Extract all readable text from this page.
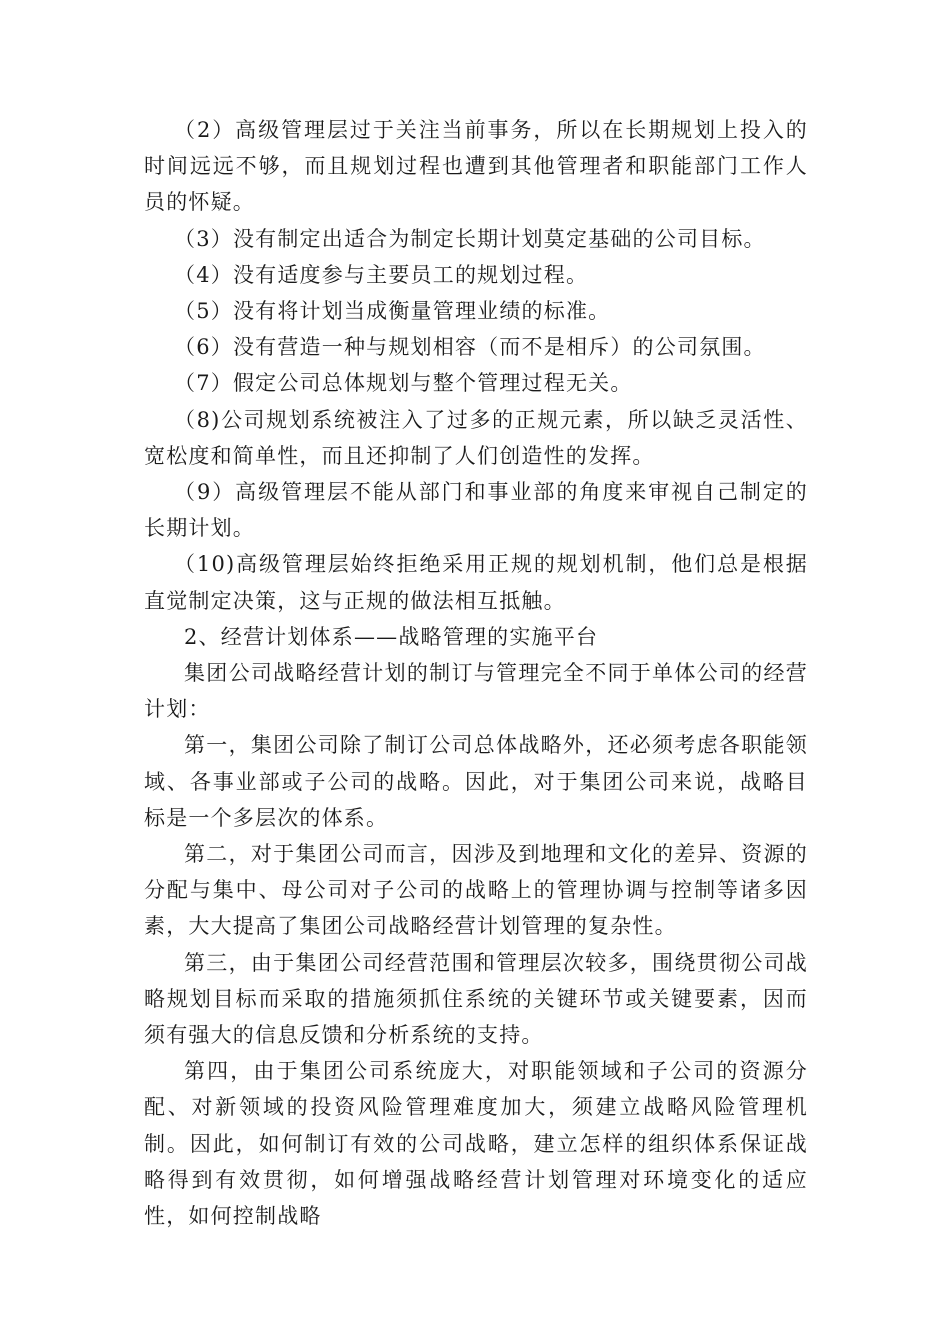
（2）高级管理层过于关注当前事务，所以在长期规划上投入的时间远远不够，而且规划过程也遭到其他管理者和职能部门工作人员的怀疑。

（3）没有制定出适合为制定长期计划莫定基础的公司目标。

（4）没有适度参与主要员工的规划过程。

（5）没有将计划当成衡量管理业绩的标准。

（6）没有营造一种与规划相容（而不是相斥）的公司氛围。

（7）假定公司总体规划与整个管理过程无关。

（8)公司规划系统被注入了过多的正规元素，所以缺乏灵活性、宽松度和简单性，而且还抑制了人们创造性的发挥。

（9）高级管理层不能从部门和事业部的角度来审视自己制定的长期计划。

（10)高级管理层始终拒绝采用正规的规划机制，他们总是根据直觉制定决策，这与正规的做法相互抵触。

2、经营计划体系——战略管理的实施平台

集团公司战略经营计划的制订与管理完全不同于单体公司的经营计划：

第一，集团公司除了制订公司总体战略外，还必须考虑各职能领域、各事业部或子公司的战略。因此，对于集团公司来说，战略目标是一个多层次的体系。

第二，对于集团公司而言，因涉及到地理和文化的差异、资源的分配与集中、母公司对子公司的战略上的管理协调与控制等诸多因素，大大提高了集团公司战略经营计划管理的复杂性。

第三，由于集团公司经营范围和管理层次较多，围绕贯彻公司战略规划目标而采取的措施须抓住系统的关键环节或关键要素，因而须有强大的信息反馈和分析系统的支持。

第四，由于集团公司系统庞大，对职能领域和子公司的资源分配、对新领域的投资风险管理难度加大，须建立战略风险管理机制。因此，如何制订有效的公司战略，建立怎样的组织体系保证战略得到有效贯彻，如何增强战略经营计划管理对环境变化的适应性，如何控制战略
